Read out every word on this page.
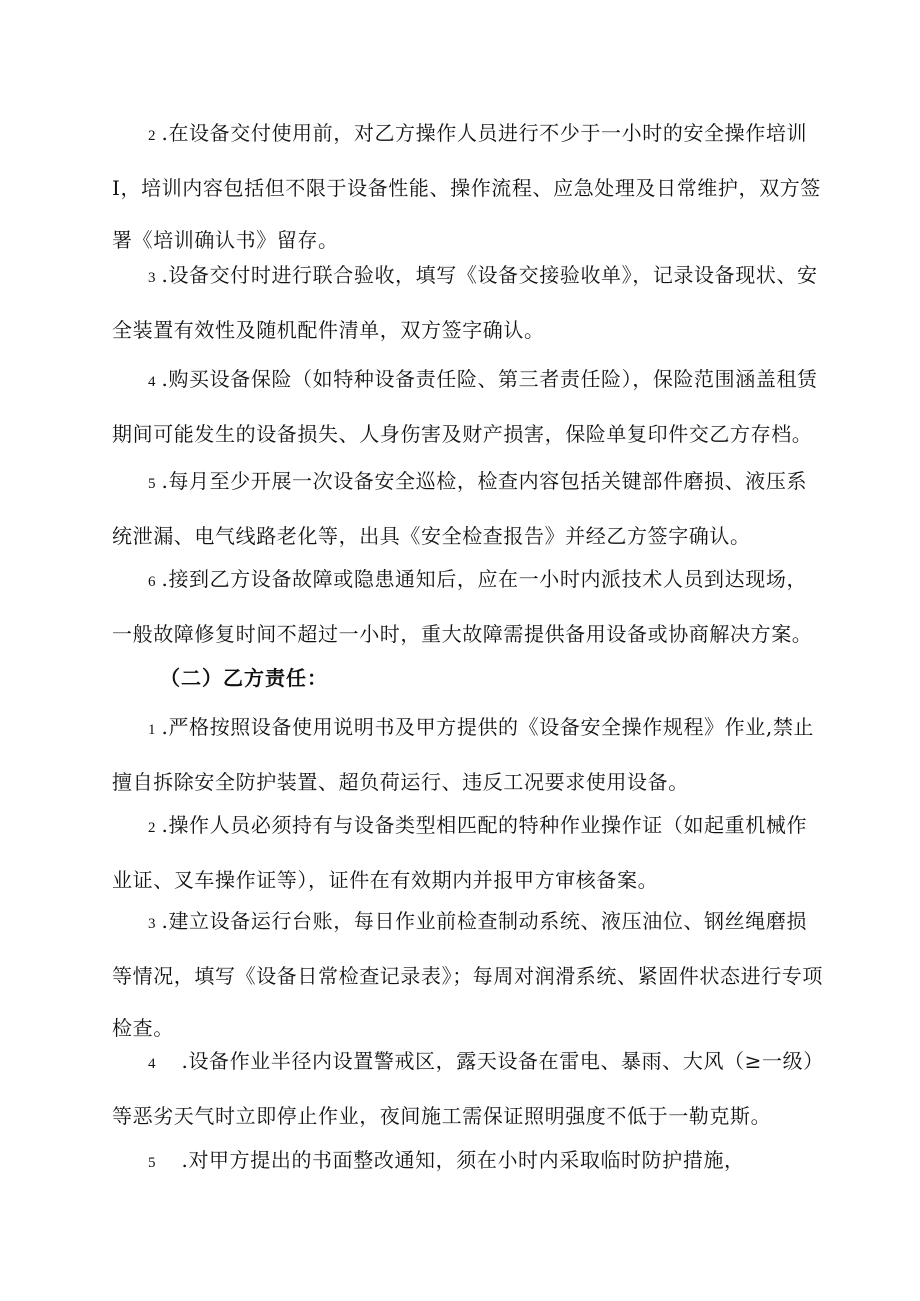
2 .在设备交付使用前，对乙方操作人员进行不少于一小时的安全操作培训I，培训内容包括但不限于设备性能、操作流程、应急处理及日常维护，双方签署《培训确认书》留存。

3 .设备交付时进行联合验收，填写《设备交接验收单》，记录设备现状、安全装置有效性及随机配件清单，双方签字确认。

4 .购买设备保险（如特种设备责任险、第三者责任险），保险范围涵盖租赁期间可能发生的设备损失、人身伤害及财产损害，保险单复印件交乙方存档。

5 .每月至少开展一次设备安全巡检，检查内容包括关键部件磨损、液压系统泄漏、电气线路老化等，出具《安全检查报告》并经乙方签字确认。

6 .接到乙方设备故障或隐患通知后，应在一小时内派技术人员到达现场，一般故障修复时间不超过一小时，重大故障需提供备用设备或协商解决方案。

（二）乙方责任：

1 .严格按照设备使用说明书及甲方提供的《设备安全操作规程》作业,禁止擅自拆除安全防护装置、超负荷运行、违反工况要求使用设备。

2 .操作人员必须持有与设备类型相匹配的特种作业操作证（如起重机械作业证、叉车操作证等），证件在有效期内并报甲方审核备案。

3 .建立设备运行台账，每日作业前检查制动系统、液压油位、钢丝绳磨损等情况，填写《设备日常检查记录表》；每周对润滑系统、紧固件状态进行专项检查。

4 .设备作业半径内设置警戒区，露天设备在雷电、暴雨、大风（≥一级）等恶劣天气时立即停止作业，夜间施工需保证照明强度不低于一勒克斯。

5 .对甲方提出的书面整改通知，须在小时内采取临时防护措施，
